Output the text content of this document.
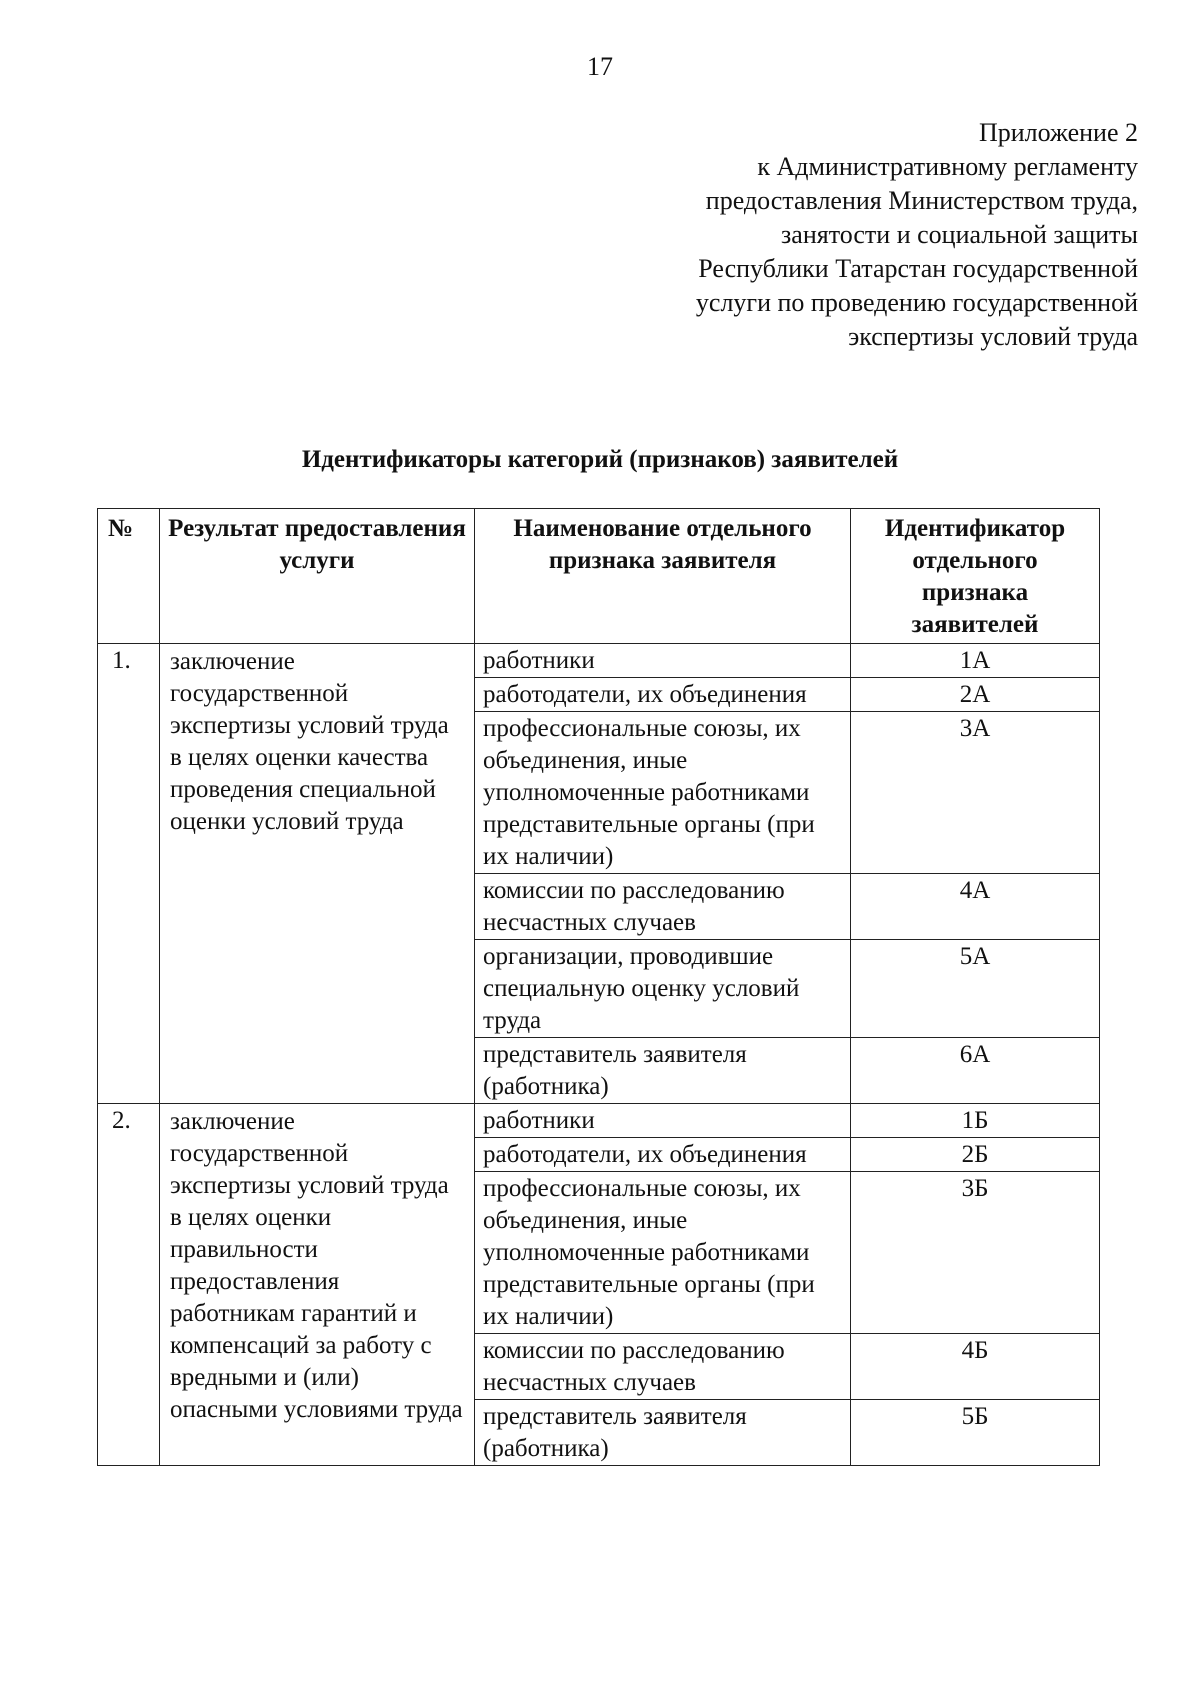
17
Приложение 2
к Административному регламенту
предоставления Министерством труда,
занятости и социальной защиты
Республики Татарстан государственной
услуги по проведению государственной
экспертизы условий труда
Идентификаторы категорий (признаков) заявителей
№	Результат предоставления услуги	Наименование отдельного признака заявителя	Идентификатор отдельного признака заявителей
1.	заключение государственной экспертизы условий труда в целях оценки качества проведения специальной оценки условий труда	работники	1А
		работодатели, их объединения	2А
		профессиональные союзы, их объединения, иные уполномоченные работниками представительные органы (при их наличии)	3А
		комиссии по расследованию несчастных случаев	4А
		организации, проводившие специальную оценку условий труда	5А
		представитель заявителя (работника)	6А
2.	заключение государственной экспертизы условий труда в целях оценки правильности предоставления работникам гарантий и компенсаций за работу с вредными и (или) опасными условиями труда	работники	1Б
		работодатели, их объединения	2Б
		профессиональные союзы, их объединения, иные уполномоченные работниками представительные органы (при их наличии)	3Б
		комиссии по расследованию несчастных случаев	4Б
		представитель заявителя (работника)	5Б
